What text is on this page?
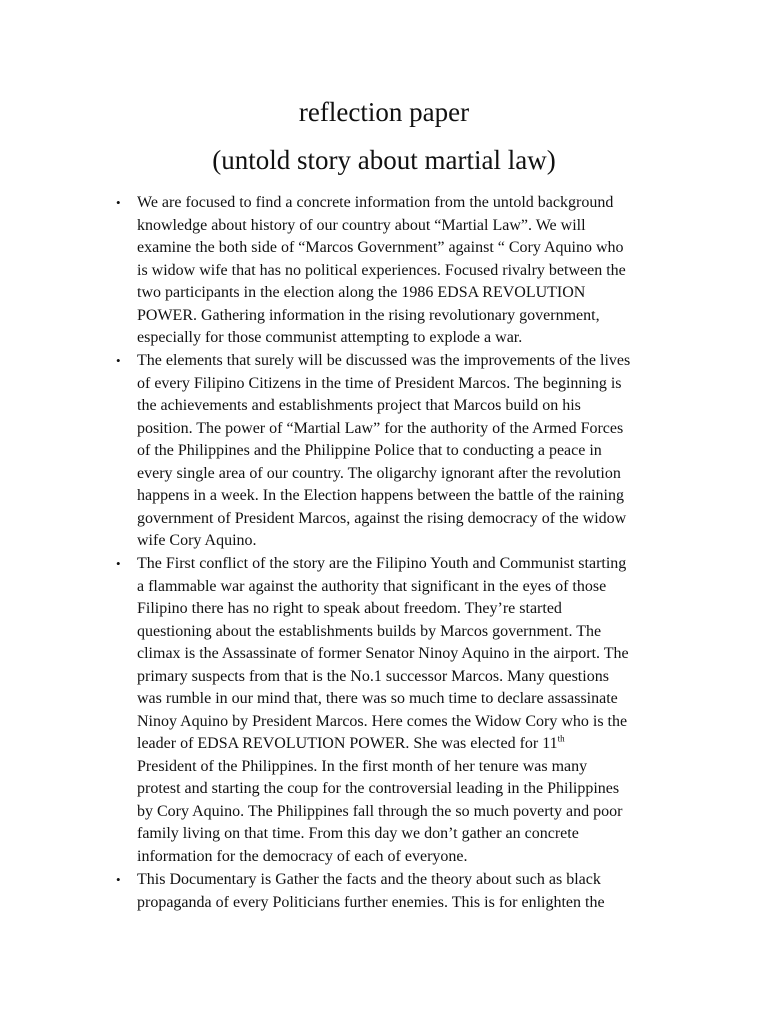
reflection paper
(untold story about martial law)
• We are focused to find a concrete information from the untold background
knowledge about history of our country about “Martial Law”. We will
examine the both side of “Marcos Government” against “ Cory Aquino who
is widow wife that has no political experiences. Focused rivalry between the
two participants in the election along the 1986 EDSA REVOLUTION
POWER. Gathering information in the rising revolutionary government,
especially for those communist attempting to explode a war.
• The elements that surely will be discussed was the improvements of the lives
of every Filipino Citizens in the time of President Marcos. The beginning is
the achievements and establishments project that Marcos build on his
position. The power of “Martial Law” for the authority of the Armed Forces
of the Philippines and the Philippine Police that to conducting a peace in
every single area of our country. The oligarchy ignorant after the revolution
happens in a week. In the Election happens between the battle of the raining
government of President Marcos, against the rising democracy of the widow
wife Cory Aquino.
• The First conflict of the story are the Filipino Youth and Communist starting
a flammable war against the authority that significant in the eyes of those
Filipino there has no right to speak about freedom. They’re started
questioning about the establishments builds by Marcos government. The
climax is the Assassinate of former Senator Ninoy Aquino in the airport. The
primary suspects from that is the No.1 successor Marcos. Many questions
was rumble in our mind that, there was so much time to declare assassinate
Ninoy Aquino by President Marcos. Here comes the Widow Cory who is the
leader of EDSA REVOLUTION POWER. She was elected for 11th
President of the Philippines. In the first month of her tenure was many
protest and starting the coup for the controversial leading in the Philippines
by Cory Aquino. The Philippines fall through the so much poverty and poor
family living on that time. From this day we don’t gather an concrete
information for the democracy of each of everyone.
• This Documentary is Gather the facts and the theory about such as black
propaganda of every Politicians further enemies. This is for enlighten the
